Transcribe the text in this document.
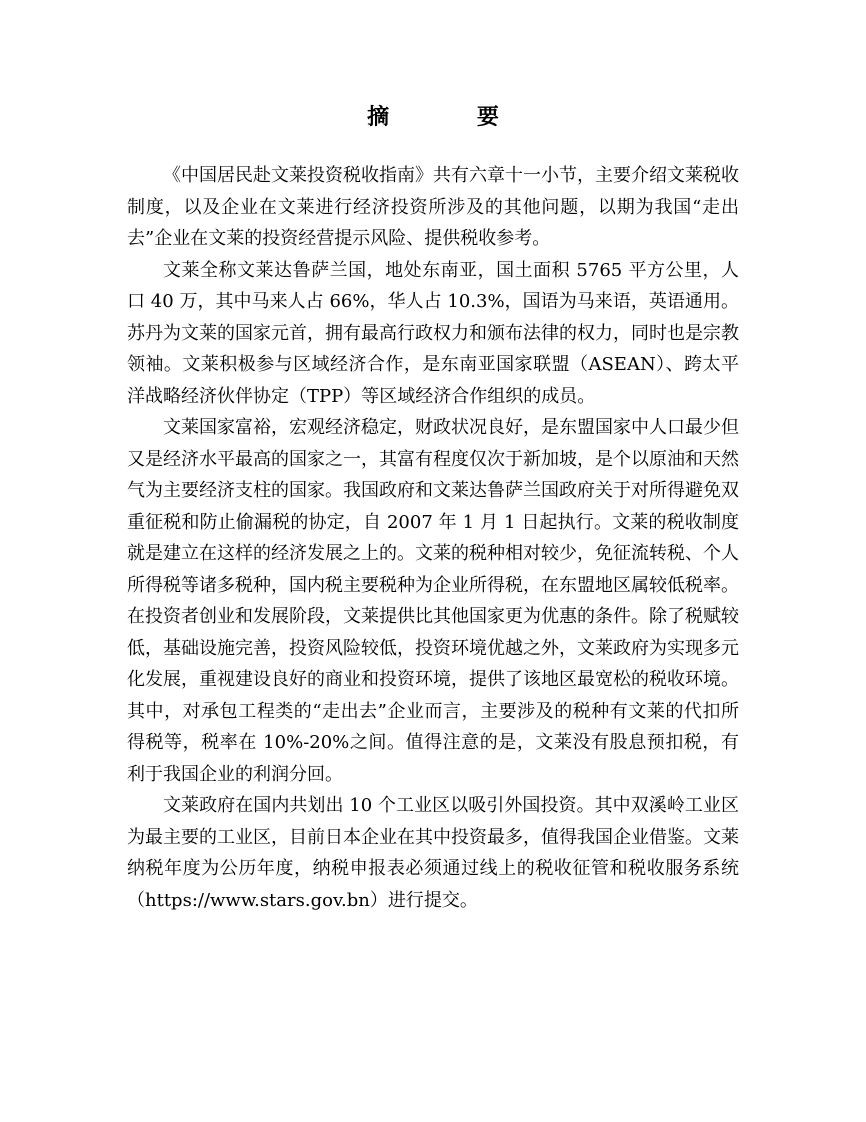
摘 要

《中国居民赴文莱投资税收指南》共有六章十一小节，主要介绍文莱税收制度，以及企业在文莱进行经济投资所涉及的其他问题，以期为我国“走出去”企业在文莱的投资经营提示风险、提供税收参考。

文莱全称文莱达鲁萨兰国，地处东南亚，国土面积 5765 平方公里，人口 40 万，其中马来人占 66%，华人占 10.3%，国语为马来语，英语通用。苏丹为文莱的国家元首，拥有最高行政权力和颁布法律的权力，同时也是宗教领袖。文莱积极参与区域经济合作，是东南亚国家联盟（ASEAN）、跨太平洋战略经济伙伴协定（TPP）等区域经济合作组织的成员。

文莱国家富裕，宏观经济稳定，财政状况良好，是东盟国家中人口最少但又是经济水平最高的国家之一，其富有程度仅次于新加坡，是个以原油和天然气为主要经济支柱的国家。我国政府和文莱达鲁萨兰国政府关于对所得避免双重征税和防止偷漏税的协定，自 2007 年 1 月 1 日起执行。文莱的税收制度就是建立在这样的经济发展之上的。文莱的税种相对较少，免征流转税、个人所得税等诸多税种，国内税主要税种为企业所得税，在东盟地区属较低税率。在投资者创业和发展阶段，文莱提供比其他国家更为优惠的条件。除了税赋较低，基础设施完善，投资风险较低，投资环境优越之外，文莱政府为实现多元化发展，重视建设良好的商业和投资环境，提供了该地区最宽松的税收环境。其中，对承包工程类的“走出去”企业而言，主要涉及的税种有文莱的代扣所得税等，税率在 10%-20%之间。值得注意的是，文莱没有股息预扣税，有利于我国企业的利润分回。

文莱政府在国内共划出 10 个工业区以吸引外国投资。其中双溪岭工业区为最主要的工业区，目前日本企业在其中投资最多，值得我国企业借鉴。文莱纳税年度为公历年度，纳税申报表必须通过线上的税收征管和税收服务系统（https://www.stars.gov.bn）进行提交。
